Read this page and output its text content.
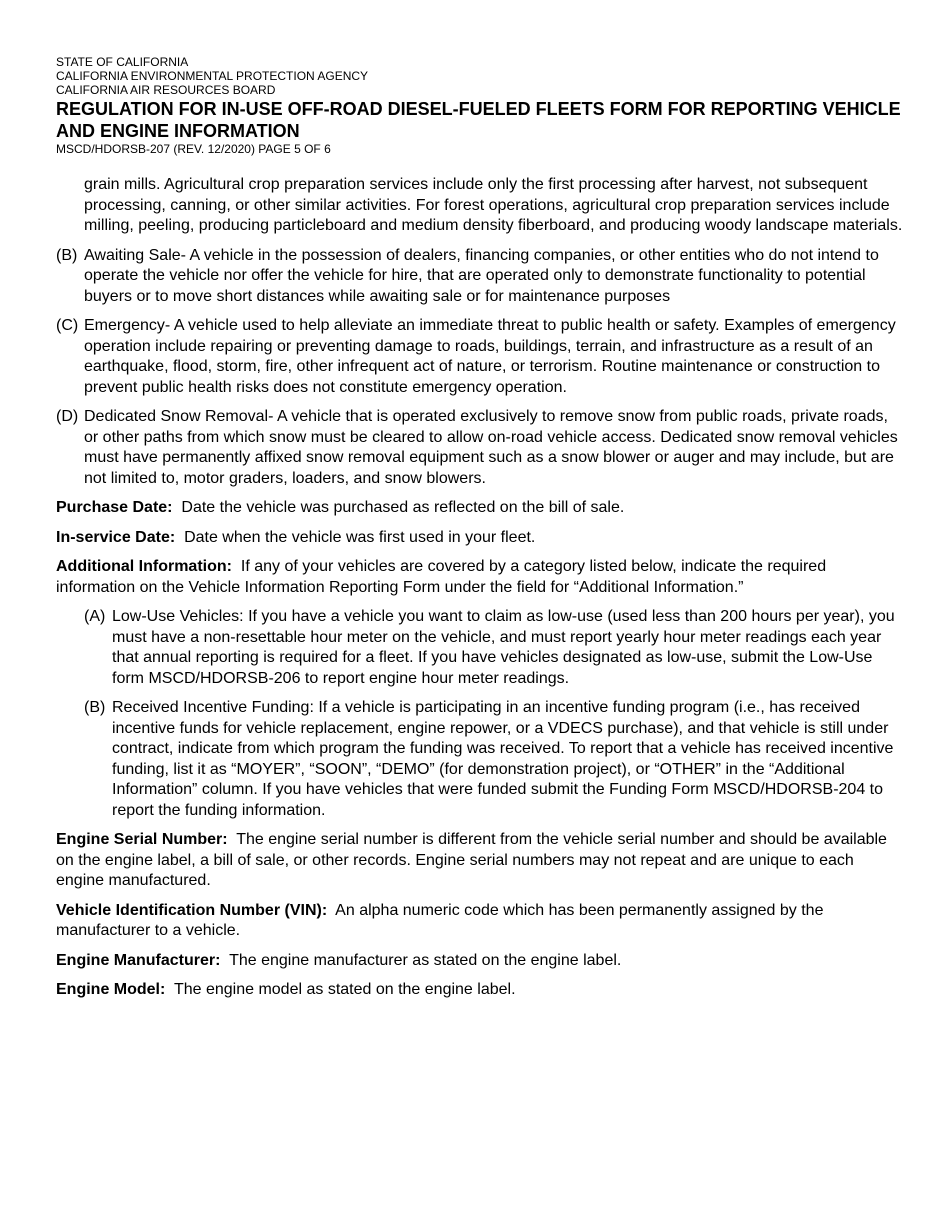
STATE OF CALIFORNIA
CALIFORNIA ENVIRONMENTAL PROTECTION AGENCY
CALIFORNIA AIR RESOURCES BOARD
REGULATION FOR IN-USE OFF-ROAD DIESEL-FUELED FLEETS FORM FOR REPORTING VEHICLE AND ENGINE INFORMATION
MSCD/HDORSB-207 (REV. 12/2020) PAGE 5 OF 6
grain mills. Agricultural crop preparation services include only the first processing after harvest, not subsequent processing, canning, or other similar activities. For forest operations, agricultural crop preparation services include milling, peeling, producing particleboard and medium density fiberboard, and producing woody landscape materials.
(B) Awaiting Sale- A vehicle in the possession of dealers, financing companies, or other entities who do not intend to operate the vehicle nor offer the vehicle for hire, that are operated only to demonstrate functionality to potential buyers or to move short distances while awaiting sale or for maintenance purposes
(C) Emergency- A vehicle used to help alleviate an immediate threat to public health or safety. Examples of emergency operation include repairing or preventing damage to roads, buildings, terrain, and infrastructure as a result of an earthquake, flood, storm, fire, other infrequent act of nature, or terrorism. Routine maintenance or construction to prevent public health risks does not constitute emergency operation.
(D) Dedicated Snow Removal- A vehicle that is operated exclusively to remove snow from public roads, private roads, or other paths from which snow must be cleared to allow on-road vehicle access. Dedicated snow removal vehicles must have permanently affixed snow removal equipment such as a snow blower or auger and may include, but are not limited to, motor graders, loaders, and snow blowers.
Purchase Date: Date the vehicle was purchased as reflected on the bill of sale.
In-service Date: Date when the vehicle was first used in your fleet.
Additional Information: If any of your vehicles are covered by a category listed below, indicate the required information on the Vehicle Information Reporting Form under the field for “Additional Information.”
(A) Low-Use Vehicles: If you have a vehicle you want to claim as low-use (used less than 200 hours per year), you must have a non-resettable hour meter on the vehicle, and must report yearly hour meter readings each year that annual reporting is required for a fleet. If you have vehicles designated as low-use, submit the Low-Use form MSCD/HDORSB-206 to report engine hour meter readings.
(B) Received Incentive Funding: If a vehicle is participating in an incentive funding program (i.e., has received incentive funds for vehicle replacement, engine repower, or a VDECS purchase), and that vehicle is still under contract, indicate from which program the funding was received. To report that a vehicle has received incentive funding, list it as “MOYER”, “SOON”, “DEMO” (for demonstration project), or “OTHER” in the “Additional Information” column. If you have vehicles that were funded submit the Funding Form MSCD/HDORSB-204 to report the funding information.
Engine Serial Number: The engine serial number is different from the vehicle serial number and should be available on the engine label, a bill of sale, or other records. Engine serial numbers may not repeat and are unique to each engine manufactured.
Vehicle Identification Number (VIN): An alpha numeric code which has been permanently assigned by the manufacturer to a vehicle.
Engine Manufacturer: The engine manufacturer as stated on the engine label.
Engine Model: The engine model as stated on the engine label.
